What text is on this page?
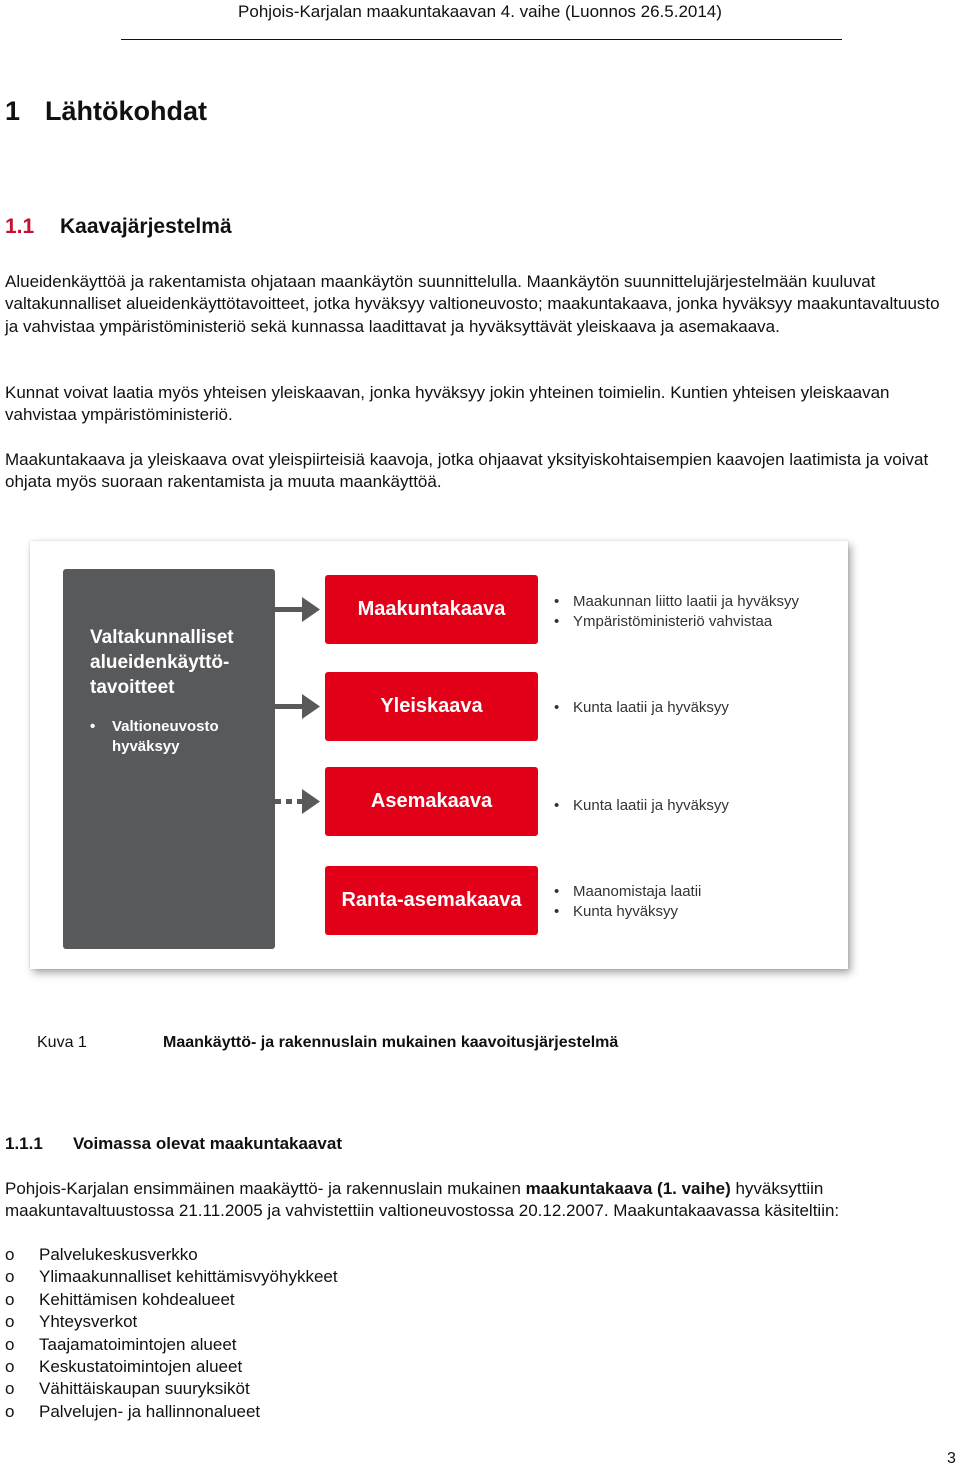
Pohjois-Karjalan maakuntakaavan 4. vaihe (Luonnos 26.5.2014)
1 Lähtökohdat
1.1 Kaavajärjestelmä
Alueidenkäyttöä ja rakentamista ohjataan maankäytön suunnittelulla. Maankäytön suunnittelujärjestelmään kuuluvat valtakunnalliset alueidenkäyttötavoitteet, jotka hyväksyy valtioneuvosto; maakuntakaava, jonka hyväksyy maakuntavaltuusto ja vahvistaa ympäristöministeriö sekä kunnassa laadittavat ja hyväksyttävät yleiskaava ja asemakaava.
Kunnat voivat laatia myös yhteisen yleiskaavan, jonka hyväksyy jokin yhteinen toimielin. Kuntien yhteisen yleiskaavan vahvistaa ympäristöministeriö.
Maakuntakaava ja yleiskaava ovat yleispiirteisiä kaavoja, jotka ohjaavat yksityiskohtaisempien kaavojen laatimista ja voivat ohjata myös suoraan rakentamista ja muuta maankäyttöä.
Valtakunnalliset alueidenkäyttö-tavoitteet
•	Valtioneuvosto hyväksyy
Maakuntakaava
Yleiskaava
Asemakaava
Ranta-asemakaava
• Maakunnan liitto laatii ja hyväksyy
• Ympäristöministeriö vahvistaa
• Kunta laatii ja hyväksyy
• Kunta laatii ja hyväksyy
• Maanomistaja laatii
• Kunta hyväksyy
Kuva 1	Maankäyttö- ja rakennuslain mukainen kaavoitusjärjestelmä
1.1.1 Voimassa olevat maakuntakaavat
Pohjois-Karjalan ensimmäinen maakäyttö- ja rakennuslain mukainen maakuntakaava (1. vaihe) hyväksyttiin maakuntavaltuustossa 21.11.2005 ja vahvistettiin valtioneuvostossa 20.12.2007. Maakuntakaavassa käsiteltiin:
o	Palvelukeskusverkko
o	Ylimaakunnalliset kehittämisvyöhykkeet
o	Kehittämisen kohdealueet
o	Yhteysverkot
o	Taajamatoimintojen alueet
o	Keskustatoimintojen alueet
o	Vähittäiskaupan suuryksiköt
o	Palvelujen- ja hallinnonalueet
3
